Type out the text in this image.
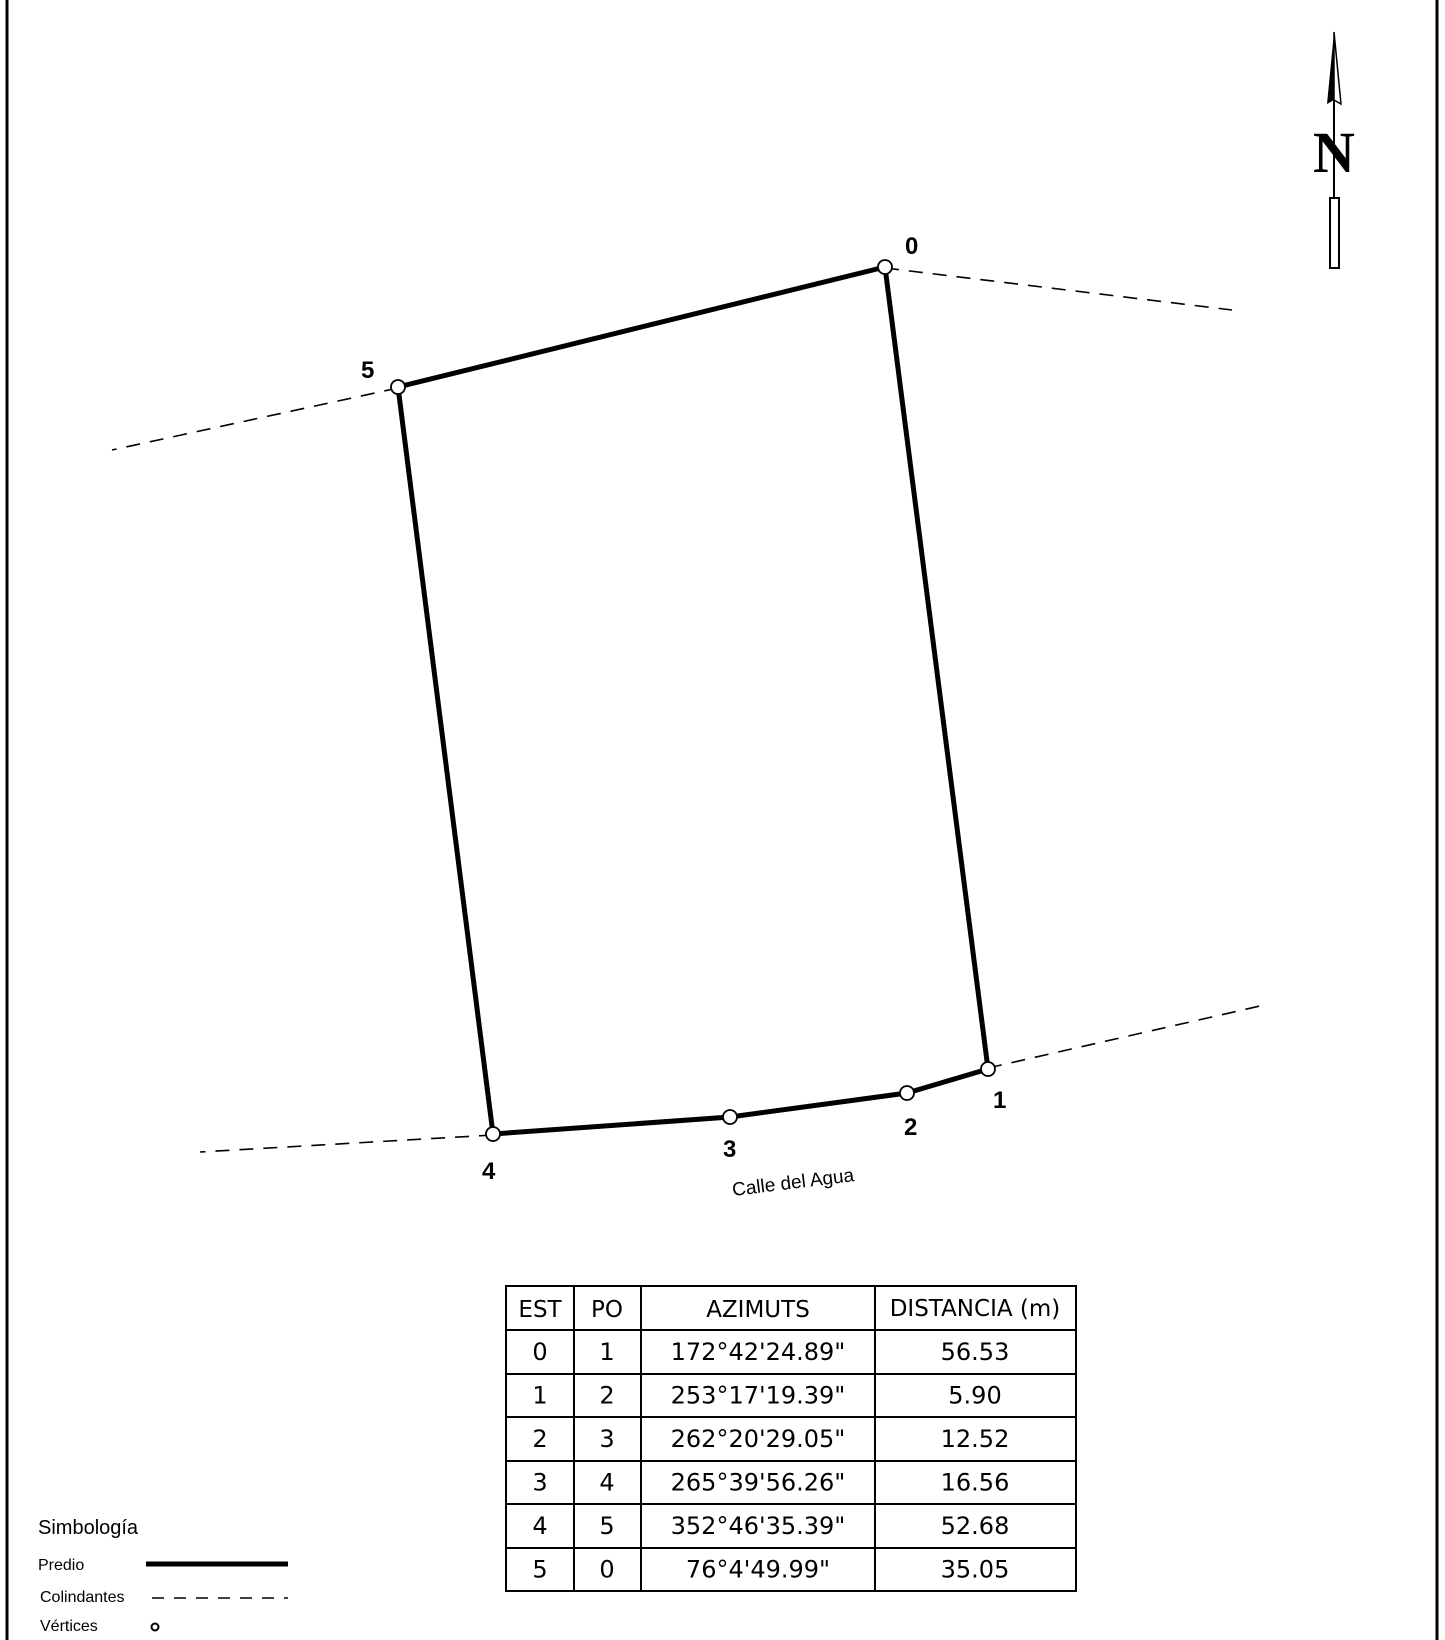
N
0
1
2
3
4
5
Calle del Agua
EST PO	AZIMUTS	DISTANCIA (m)
0 1 172°42'24.89"	56.53
1 2 253°17'19.39"	5.90
2 3 262°20'29.05"	12.52
3 4 265°39'56.26"	16.56
4 5 352°46'35.39"	52.68
5 0	76°4'49.99"	35.05
Simbología
Predio
Colindantes
Vértices
